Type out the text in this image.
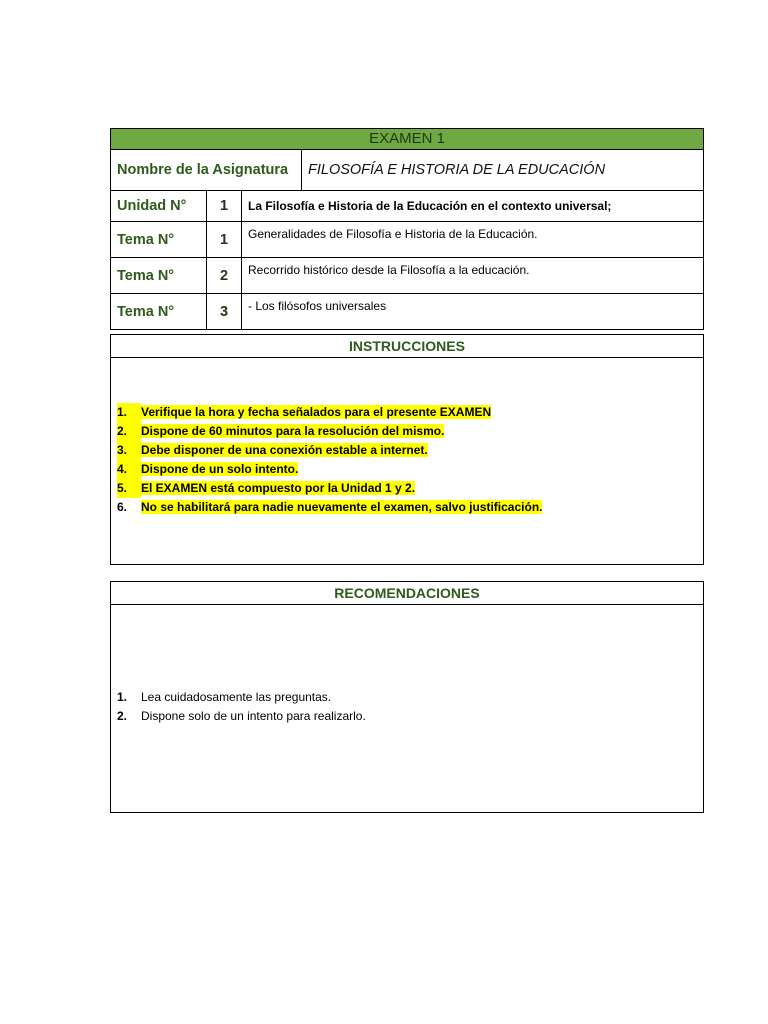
EXAMEN 1			
Nombre de la Asignatura			FILOSOFÍA E HISTORIA DE LA EDUCACIÓN
Unidad N°	1	La Filosofía e Historia de la Educación en el contexto universal;	
Tema N°	1	Generalidades de Filosofía e Historia de la Educación.	
Tema N°	2	Recorrido histórico desde la Filosofía a la educación.	
Tema N°	3	- Los filósofos universales	
INSTRUCCIONES
1. Verifique la hora y fecha señalados para el presente EXAMEN
2. Dispone de 60 minutos para la resolución del mismo.
3. Debe disponer de una conexión estable a internet.
4. Dispone de un solo intento.
5. El EXAMEN está compuesto por la Unidad 1 y 2.
6. No se habilitará para nadie nuevamente el examen, salvo justificación.
RECOMENDACIONES
1. Lea cuidadosamente las preguntas.
2. Dispone solo de un intento para realizarlo.
